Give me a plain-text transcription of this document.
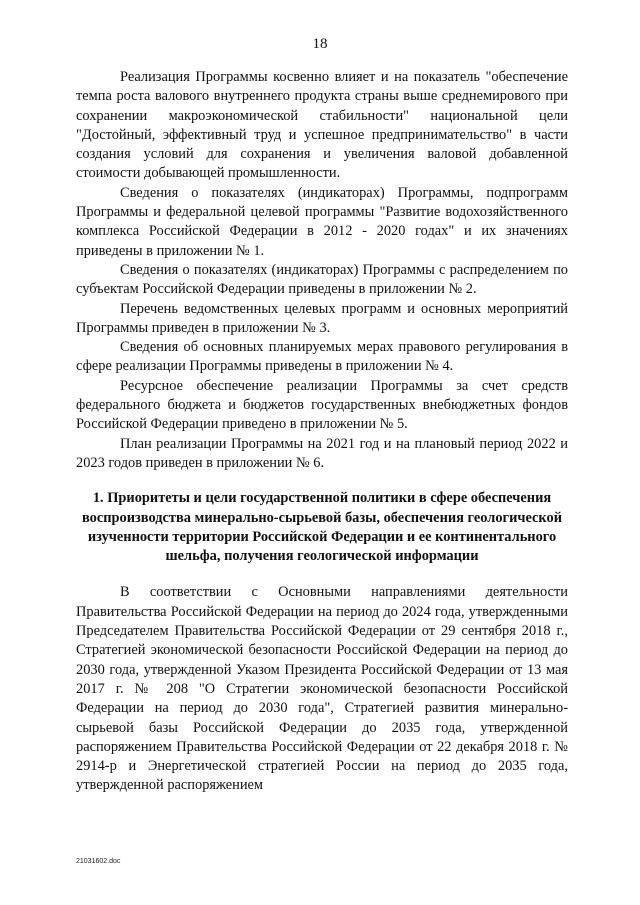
18

Реализация Программы косвенно влияет и на показатель "обеспечение темпа роста валового внутреннего продукта страны выше среднемирового при сохранении макроэкономической стабильности" национальной цели "Достойный, эффективный труд и успешное предпринимательство" в части создания условий для сохранения и увеличения валовой добавленной стоимости добывающей промышленности.

Сведения о показателях (индикаторах) Программы, подпрограмм Программы и федеральной целевой программы "Развитие водохозяйственного комплекса Российской Федерации в 2012 - 2020 годах" и их значениях приведены в приложении № 1.

Сведения о показателях (индикаторах) Программы с распределением по субъектам Российской Федерации приведены в приложении № 2.

Перечень ведомственных целевых программ и основных мероприятий Программы приведен в приложении № 3.

Сведения об основных планируемых мерах правового регулирования в сфере реализации Программы приведены в приложении № 4.

Ресурсное обеспечение реализации Программы за счет средств федерального бюджета и бюджетов государственных внебюджетных фондов Российской Федерации приведено в приложении № 5.

План реализации Программы на 2021 год и на плановый период 2022 и 2023 годов приведен в приложении № 6.

1. Приоритеты и цели государственной политики в сфере обеспечения воспроизводства минерально-сырьевой базы, обеспечения геологической изученности территории Российской Федерации и ее континентального шельфа, получения геологической информации

В соответствии с Основными направлениями деятельности Правительства Российской Федерации на период до 2024 года, утвержденными Председателем Правительства Российской Федерации от 29 сентября 2018 г., Стратегией экономической безопасности Российской Федерации на период до 2030 года, утвержденной Указом Президента Российской Федерации от 13 мая 2017 г. № 208 "О Стратегии экономической безопасности Российской Федерации на период до 2030 года", Стратегией развития минерально-сырьевой базы Российской Федерации до 2035 года, утвержденной распоряжением Правительства Российской Федерации от 22 декабря 2018 г. № 2914-р и Энергетической стратегией России на период до 2035 года, утвержденной распоряжением

21031602.doc
